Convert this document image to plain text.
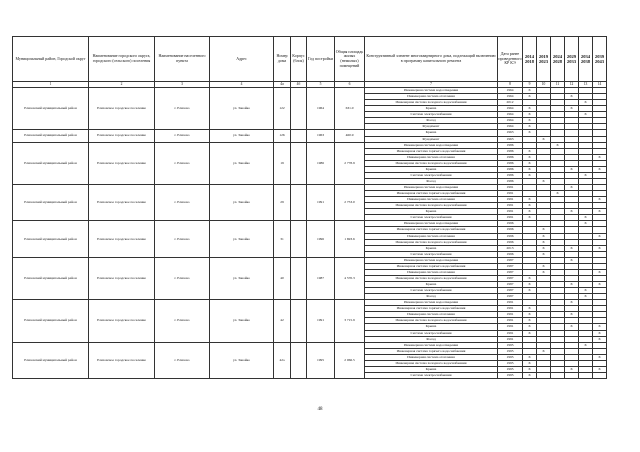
Муниципальный район, Городской округ	Наименование городского округа, городского (сельского) поселения	Наименование населенного пункта	Адрес	Номер дома	Корпус (блок)	Год постройки	Общая площадь жилых (нежилых) помещений	Конструктивный элемент многоквартирного дома, подлежащий включению в программу капитального ремонта	Дата ранее проведенного КР КЭ	2014 2018	2019 2023	2024 2028	2029 2033	2034 2038	2039 2043
1	2	3	4	4а	4б	5	6	7	8	9	10	11	12	13	14
Елизовский муниципальный район	Елизовское городское поселение	г. Елизово	ул. Завойко	122		1964	631.0	Инженерная система водоотведения	1964	X					
								Инженерная система отопления	1964	X			X		
								Инженерная система холодного водоснабжения	2012					X	
								Крыша	1964	X			X		
								Система электроснабжения	1964	X				X	
								Фасад	1964	X					
								Фундамент	1964	X					
Елизовский муниципальный район	Елизовское городское поселение	г. Елизово	ул. Завойко	126		1963	460.9	Крыша	1963	X					
								Фундамент	1963		X				
Елизовский муниципальный район	Елизовское городское поселение	г. Елизово	ул. Завойко	19		1986	2 778.9	Инженерная система водоотведения	1986			X			
								Инженерная система горячего водоснабжения	1986	X					
								Инженерная система отопления	1986	X					X
								Инженерная система холодного водоснабжения	1986	X					
								Крыша	1986	X			X		X
								Система электроснабжения	1986	X				X	
								Фасад	1986		X				
Елизовский муниципальный район	Елизовское городское поселение	г. Елизово	ул. Завойко	29		1991	2 753.0	Инженерная система водоотведения	1991				X		
								Инженерная система горячего водоснабжения	1991			X			
								Инженерная система отопления	1991	X					X
								Инженерная система холодного водоснабжения	1991	X					
								Крыша	1991	X			X		X
								Система электроснабжения	1991	X				X	
Елизовский муниципальный район	Елизовское городское поселение	г. Елизово	ул. Завойко	31		1996	1 693.6	Инженерная система водоотведения	1996					X	
								Инженерная система горячего водоснабжения	1996		X				
								Инженерная система отопления	1996		X				X
								Инженерная система холодного водоснабжения	1996		X				
								Крыша	2013		X		X		X
								Система электроснабжения	1996		X				
Елизовский муниципальный район	Елизовское городское поселение	г. Елизово	ул. Завойко	40		1987	4 570.3	Инженерная система водоотведения	1987				X		
								Инженерная система горячего водоснабжения	1987		X				
								Инженерная система отопления	1987		X				X
								Инженерная система холодного водоснабжения	1987	X					
								Крыша	1987	X			X		X
								Система электроснабжения	1987	X				X	
								Фасад	1987					X	
Елизовский муниципальный район	Елизовское городское поселение	г. Елизово	ул. Завойко	42		1991	3 715.9	Инженерная система водоотведения	1991				X		
								Инженерная система горячего водоснабжения	1991	X					
								Инженерная система отопления	1991	X			X		
								Инженерная система холодного водоснабжения	1991	X					
								Крыша	1991	X			X		X
								Система электроснабжения	1991	X					X
								Фасад	1991						X
Елизовский муниципальный район	Елизовское городское поселение	г. Елизово	ул. Завойко	42а		1995	2 066.5	Инженерная система водоотведения	1995					X	
								Инженерная система горячего водоснабжения	1995		X				
								Инженерная система отопления	1995	X					X
								Инженерная система холодного водоснабжения	1995	X					
								Крыша	1995	X			X		X
								Система электроснабжения	1995	X					
48
